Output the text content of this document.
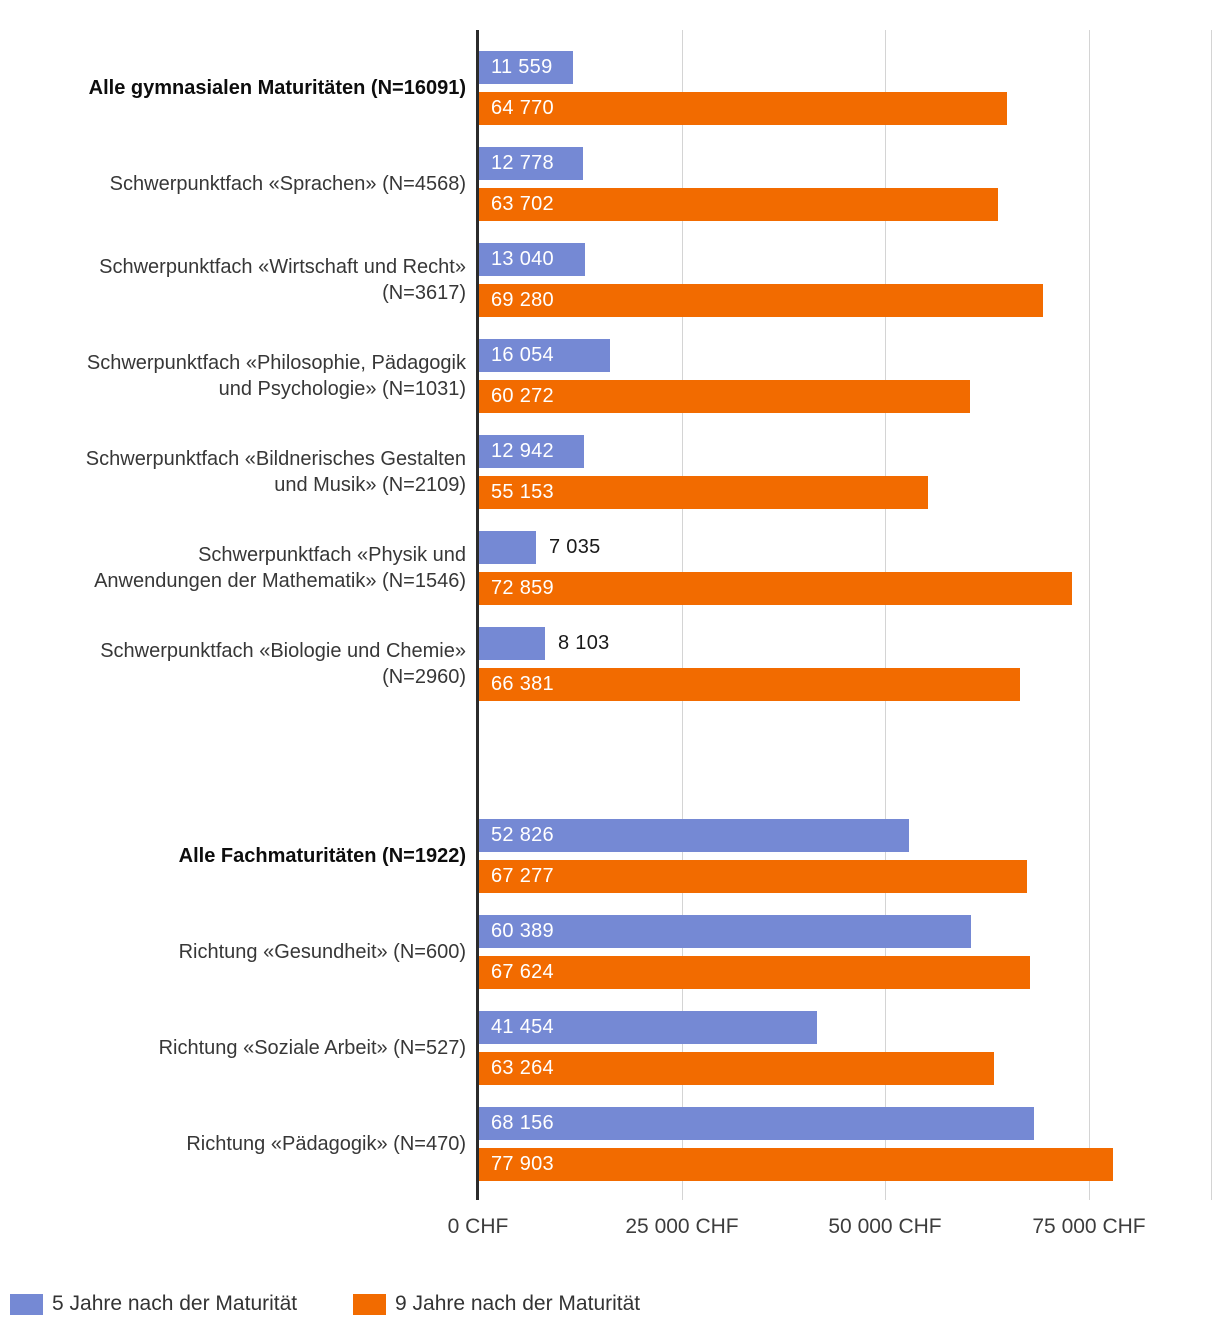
0 CHF	25 000 CHF	50 000 CHF	75 000 CHF
Alle gymnasialen Maturitäten (N=16091)
11 559
64 770
Schwerpunktfach «Sprachen» (N=4568)
12 778
63 702
Schwerpunktfach «Wirtschaft und Recht»
(N=3617)
13 040
69 280
Schwerpunktfach «Philosophie, Pädagogik
und Psychologie» (N=1031)
16 054
60 272
Schwerpunktfach «Bildnerisches Gestalten
und Musik» (N=2109)
12 942
55 153
Schwerpunktfach «Physik und
Anwendungen der Mathematik» (N=1546)
7 035
72 859
Schwerpunktfach «Biologie und Chemie»
(N=2960)
8 103
66 381
Alle Fachmaturitäten (N=1922)
52 826
67 277
Richtung «Gesundheit» (N=600)
60 389
67 624
Richtung «Soziale Arbeit» (N=527)
41 454
63 264
Richtung «Pädagogik» (N=470)
68 156
77 903
5 Jahre nach der Maturität	9 Jahre nach der Maturität
